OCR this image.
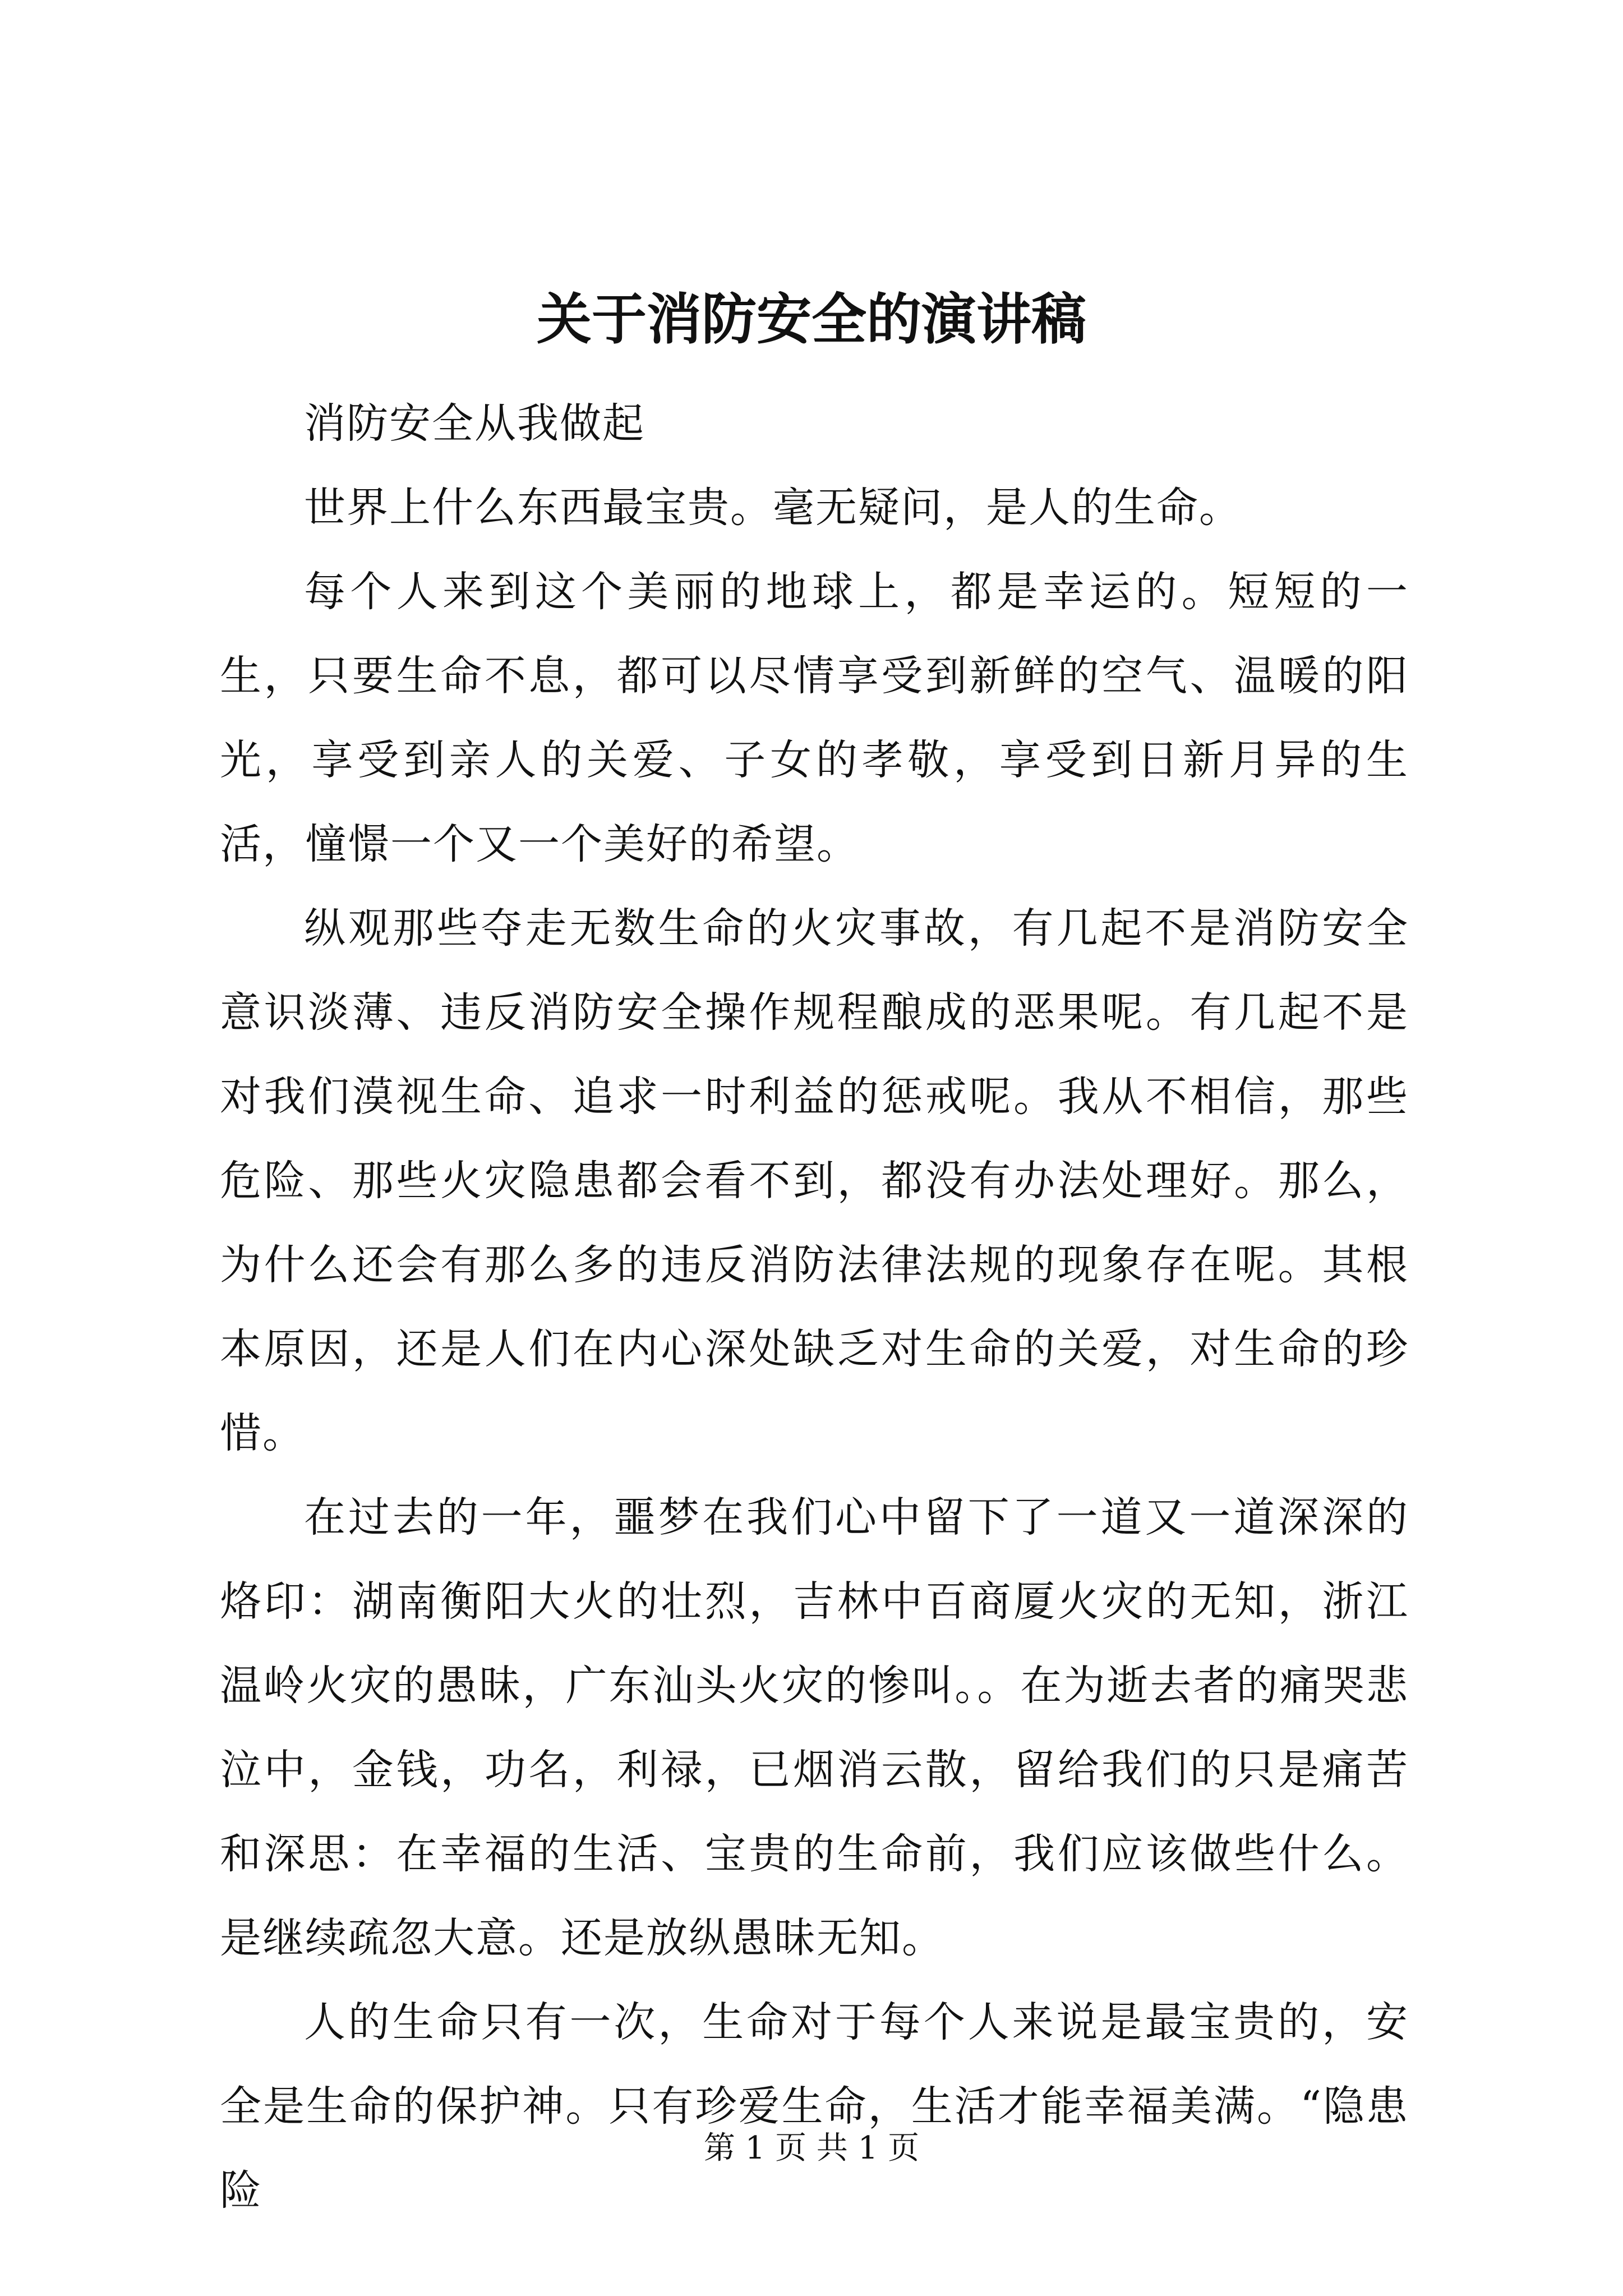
关于消防安全的演讲稿

消防安全从我做起

世界上什么东西最宝贵。毫无疑问，是人的生命。

每个人来到这个美丽的地球上，都是幸运的。短短的一生，只要生命不息，都可以尽情享受到新鲜的空气、温暖的阳光，享受到亲人的关爱、子女的孝敬，享受到日新月异的生活，憧憬一个又一个美好的希望。

纵观那些夺走无数生命的火灾事故，有几起不是消防安全意识淡薄、违反消防安全操作规程酿成的恶果呢。有几起不是对我们漠视生命、追求一时利益的惩戒呢。我从不相信，那些危险、那些火灾隐患都会看不到，都没有办法处理好。那么，为什么还会有那么多的违反消防法律法规的现象存在呢。其根本原因，还是人们在内心深处缺乏对生命的关爱，对生命的珍惜。

在过去的一年，噩梦在我们心中留下了一道又一道深深的烙印：湖南衡阳大火的壮烈，吉林中百商厦火灾的无知，浙江温岭火灾的愚昧，广东汕头火灾的惨叫。。在为逝去者的痛哭悲泣中，金钱，功名，利禄，已烟消云散，留给我们的只是痛苦和深思：在幸福的生活、宝贵的生命前，我们应该做些什么。是继续疏忽大意。还是放纵愚昧无知。

人的生命只有一次，生命对于每个人来说是最宝贵的，安全是生命的保护神。只有珍爱生命，生活才能幸福美满。“隐患险

第 1 页 共 1 页
